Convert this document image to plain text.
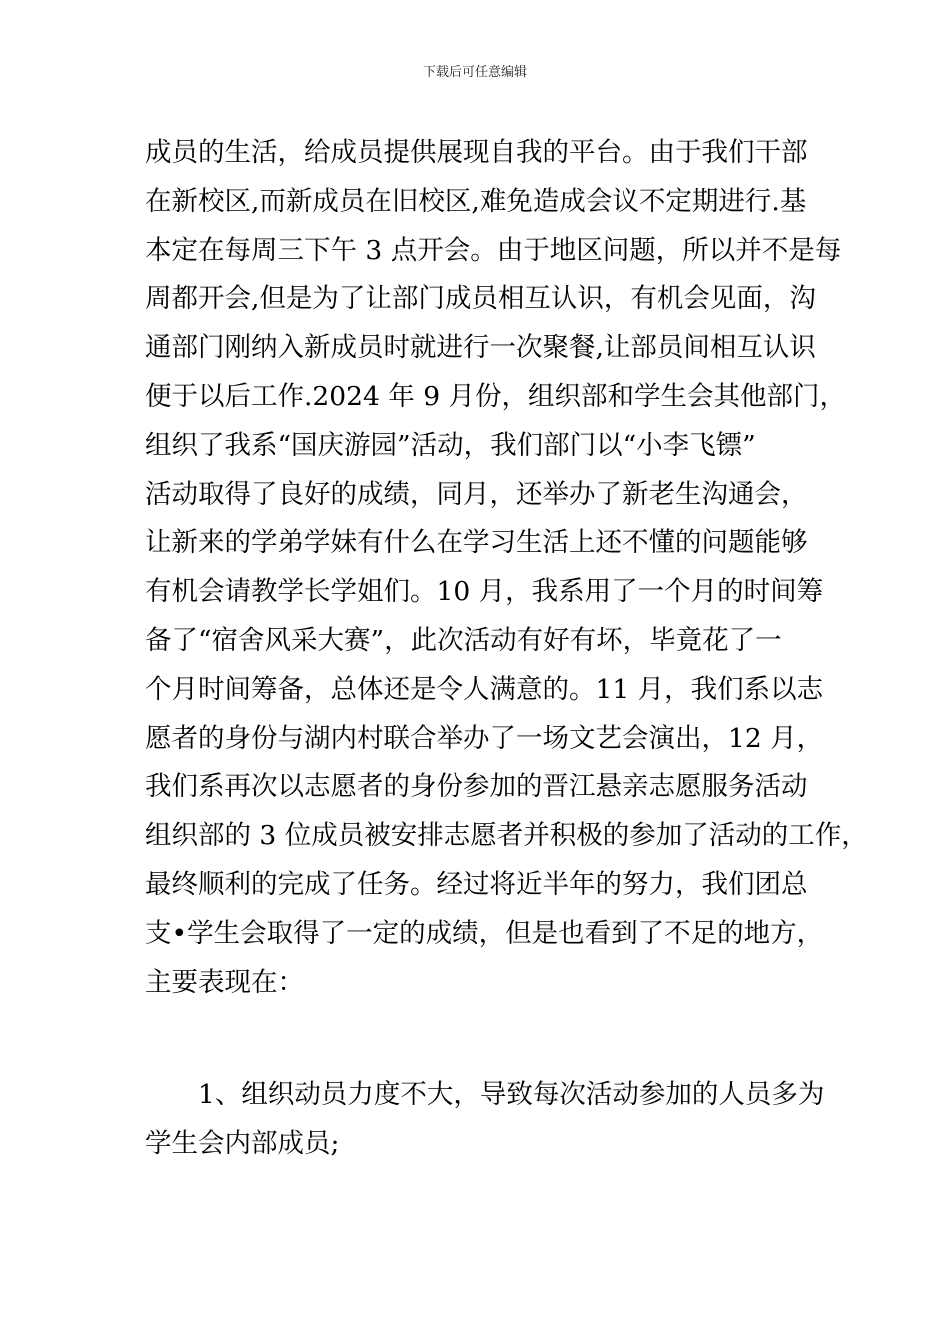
下载后可任意编辑
成员的生活，给成员提供展现自我的平台。由于我们干部
在新校区,而新成员在旧校区,难免造成会议不定期进行.基
本定在每周三下午 3 点开会。由于地区问题，所以并不是每
周都开会,但是为了让部门成员相互认识，有机会见面，沟
通部门刚纳入新成员时就进行一次聚餐,让部员间相互认识
便于以后工作.2024 年 9 月份，组织部和学生会其他部门，
组织了我系“国庆游园”活动，我们部门以“小李飞镖”
活动取得了良好的成绩，同月，还举办了新老生沟通会，
让新来的学弟学妹有什么在学习生活上还不懂的问题能够
有机会请教学长学姐们。10 月，我系用了一个月的时间筹
备了“宿舍风采大赛”，此次活动有好有坏，毕竟花了一
个月时间筹备，总体还是令人满意的。11 月，我们系以志
愿者的身份与湖内村联合举办了一场文艺会演出，12 月，
我们系再次以志愿者的身份参加的晋江悬亲志愿服务活动
组织部的 3 位成员被安排志愿者并积极的参加了活动的工作，
最终顺利的完成了任务。经过将近半年的努力，我们团总
支•学生会取得了一定的成绩，但是也看到了不足的地方，
主要表现在：
1、组织动员力度不大，导致每次活动参加的人员多为
学生会内部成员;
